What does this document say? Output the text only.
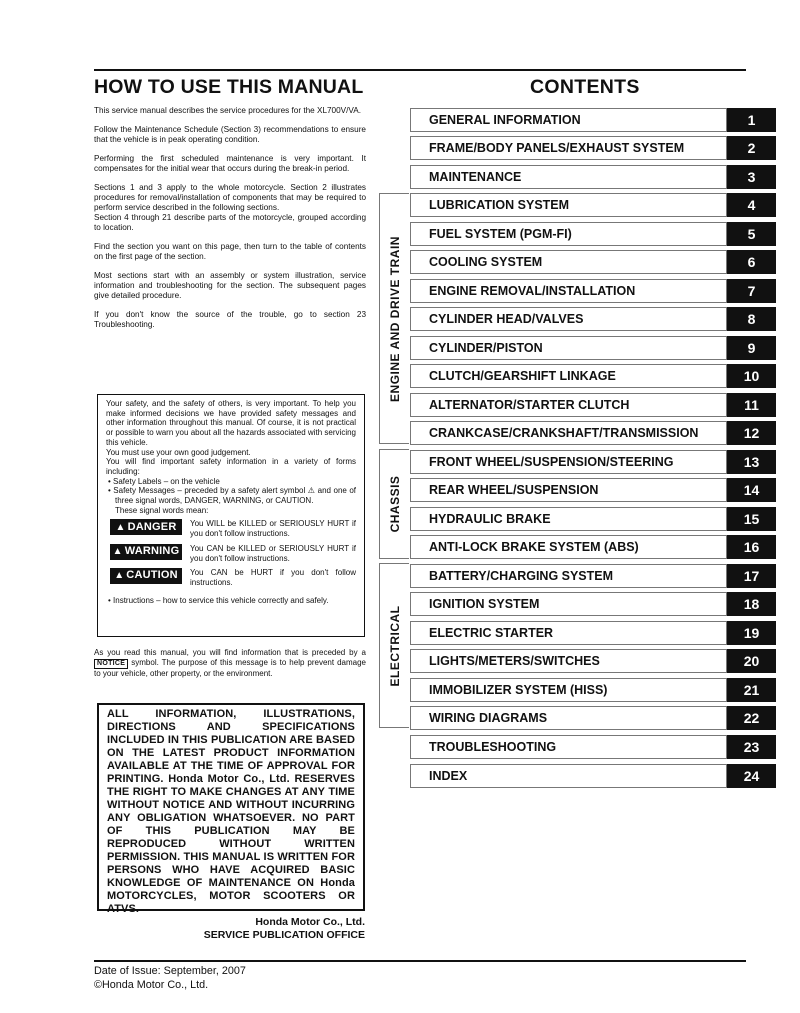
HOW TO USE THIS MANUAL	CONTENTS

This service manual describes the service procedures for the XL700V/VA.

Follow the Maintenance Schedule (Section 3) recommendations to ensure that the vehicle is in peak operating condition.

Performing the first scheduled maintenance is very important. It compensates for the initial wear that occurs during the break-in period.

Sections 1 and 3 apply to the whole motorcycle. Section 2 illustrates procedures for removal/installation of components that may be required to perform service described in the following sections.

Section 4 through 21 describe parts of the motorcycle, grouped according to location.

Find the section you want on this page, then turn to the table of contents on the first page of the section.

Most sections start with an assembly or system illustration, service information and troubleshooting for the section. The subsequent pages give detailed procedure.

If you don't know the source of the trouble, go to section 23 Troubleshooting.

Your safety, and the safety of others, is very important. To help you make informed decisions we have provided safety messages and other information throughout this manual. Of course, it is not practical or possible to warn you about all the hazards associated with servicing this vehicle.

You must use your own good judgement.

You will find important safety information in a variety of forms including:

• Safety Labels – on the vehicle

• Safety Messages – preceded by a safety alert symbol ⚠ and one of three signal words, DANGER, WARNING, or CAUTION.

These signal words mean:

▲ DANGER You WILL be KILLED or SERIOUSLY HURT if you don't follow instructions.
▲ WARNING You CAN be KILLED or SERIOUSLY HURT if you don't follow instructions.
▲ CAUTION You CAN be HURT if you don't follow instructions.

• Instructions – how to service this vehicle correctly and safely.

As you read this manual, you will find information that is preceded by a NOTICE symbol. The purpose of this message is to help prevent damage to your vehicle, other property, or the environment.
ALL INFORMATION, ILLUSTRATIONS, DIRECTIONS AND SPECIFICATIONS INCLUDED IN THIS PUBLICATION ARE BASED ON THE LATEST PRODUCT INFORMATION AVAILABLE AT THE TIME OF APPROVAL FOR PRINTING. Honda Motor Co., Ltd. RESERVES THE RIGHT TO MAKE CHANGES AT ANY TIME WITHOUT NOTICE AND WITHOUT INCURRING ANY OBLIGATION WHATSOEVER. NO PART OF THIS PUBLICATION MAY BE REPRODUCED WITHOUT WRITTEN PERMISSION. THIS MANUAL IS WRITTEN FOR PERSONS WHO HAVE ACQUIRED BASIC KNOWLEDGE OF MAINTENANCE ON Honda MOTORCYCLES, MOTOR SCOOTERS OR ATVS.
Honda Motor Co., Ltd.
SERVICE PUBLICATION OFFICE
Date of Issue: September, 2007
©Honda Motor Co., Ltd.
ENGINE AND DRIVE TRAIN
CHASSIS
ELECTRICAL
GENERAL INFORMATION	1
FRAME/BODY PANELS/EXHAUST SYSTEM	2
MAINTENANCE	3
LUBRICATION SYSTEM	4
FUEL SYSTEM (PGM-FI)	5
COOLING SYSTEM	6
ENGINE REMOVAL/INSTALLATION	7
CYLINDER HEAD/VALVES	8
CYLINDER/PISTON	9
CLUTCH/GEARSHIFT LINKAGE	10
ALTERNATOR/STARTER CLUTCH	11
CRANKCASE/CRANKSHAFT/TRANSMISSION	12
FRONT WHEEL/SUSPENSION/STEERING	13
REAR WHEEL/SUSPENSION	14
HYDRAULIC BRAKE	15
ANTI-LOCK BRAKE SYSTEM (ABS)	16
BATTERY/CHARGING SYSTEM	17
IGNITION SYSTEM	18
ELECTRIC STARTER	19
LIGHTS/METERS/SWITCHES	20
IMMOBILIZER SYSTEM (HISS)	21
WIRING DIAGRAMS	22
TROUBLESHOOTING	23
INDEX	24
